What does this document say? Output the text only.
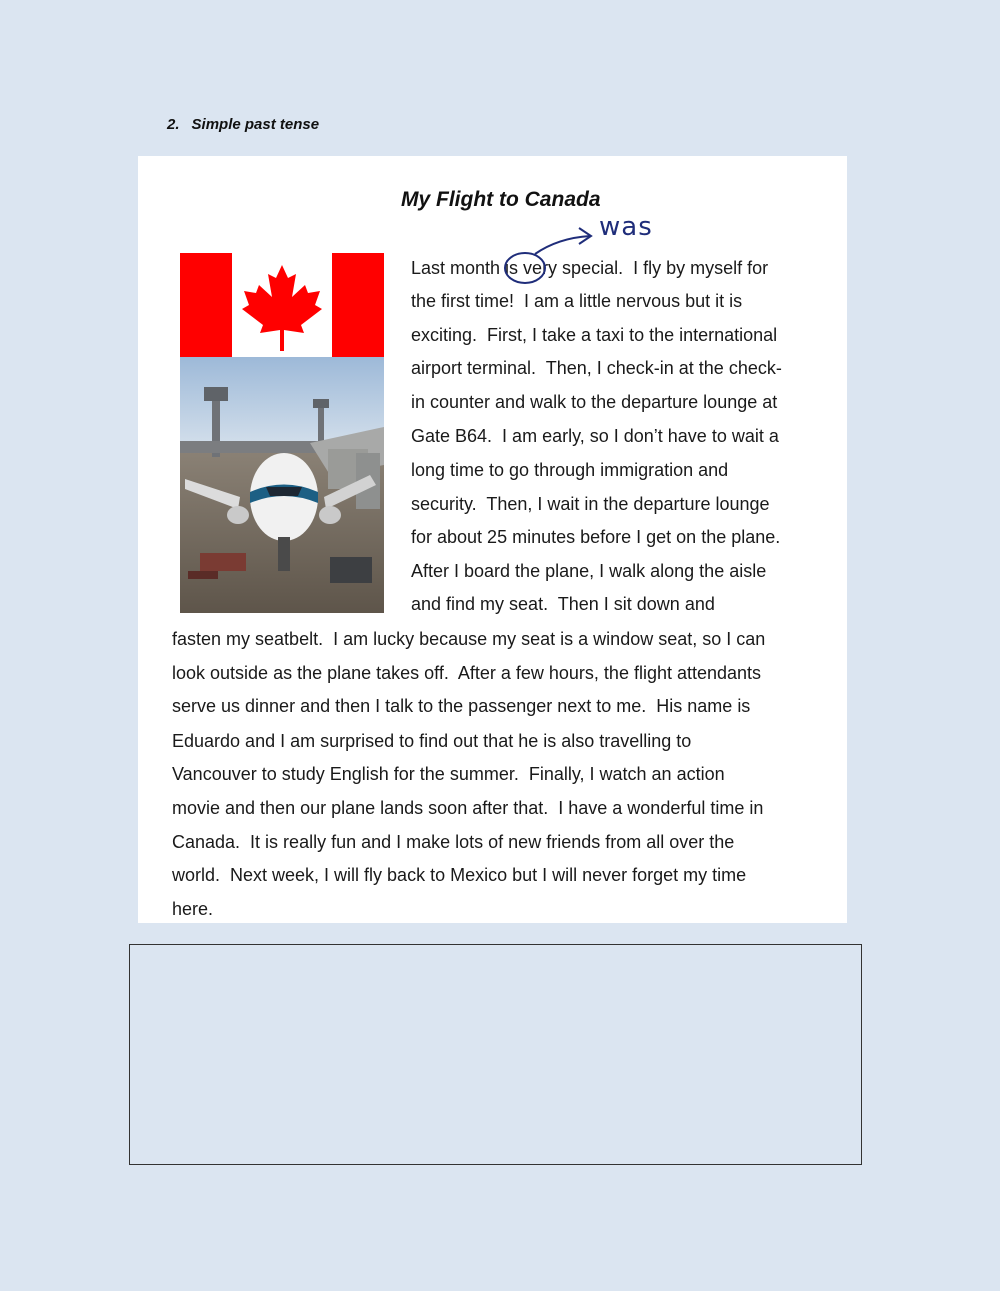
2. Simple past tense

My Flight to Canada

was

Last month is very special.  I fly by myself for

the first time!  I am a little nervous but it is

exciting.  First, I take a taxi to the international

airport terminal.  Then, I check-in at the check-

in counter and walk to the departure lounge at

Gate B64.  I am early, so I don’t have to wait a

long time to go through immigration and

security.  Then, I wait in the departure lounge

for about 25 minutes before I get on the plane.

After I board the plane, I walk along the aisle

and find my seat.  Then I sit down and

fasten my seatbelt.  I am lucky because my seat is a window seat, so I can

look outside as the plane takes off.  After a few hours, the flight attendants

serve us dinner and then I talk to the passenger next to me.  His name is

Eduardo and I am surprised to find out that he is also travelling to

Vancouver to study English for the summer.  Finally, I watch an action

movie and then our plane lands soon after that.  I have a wonderful time in

Canada.  It is really fun and I make lots of new friends from all over the

world.  Next week, I will fly back to Mexico but I will never forget my time

here.
